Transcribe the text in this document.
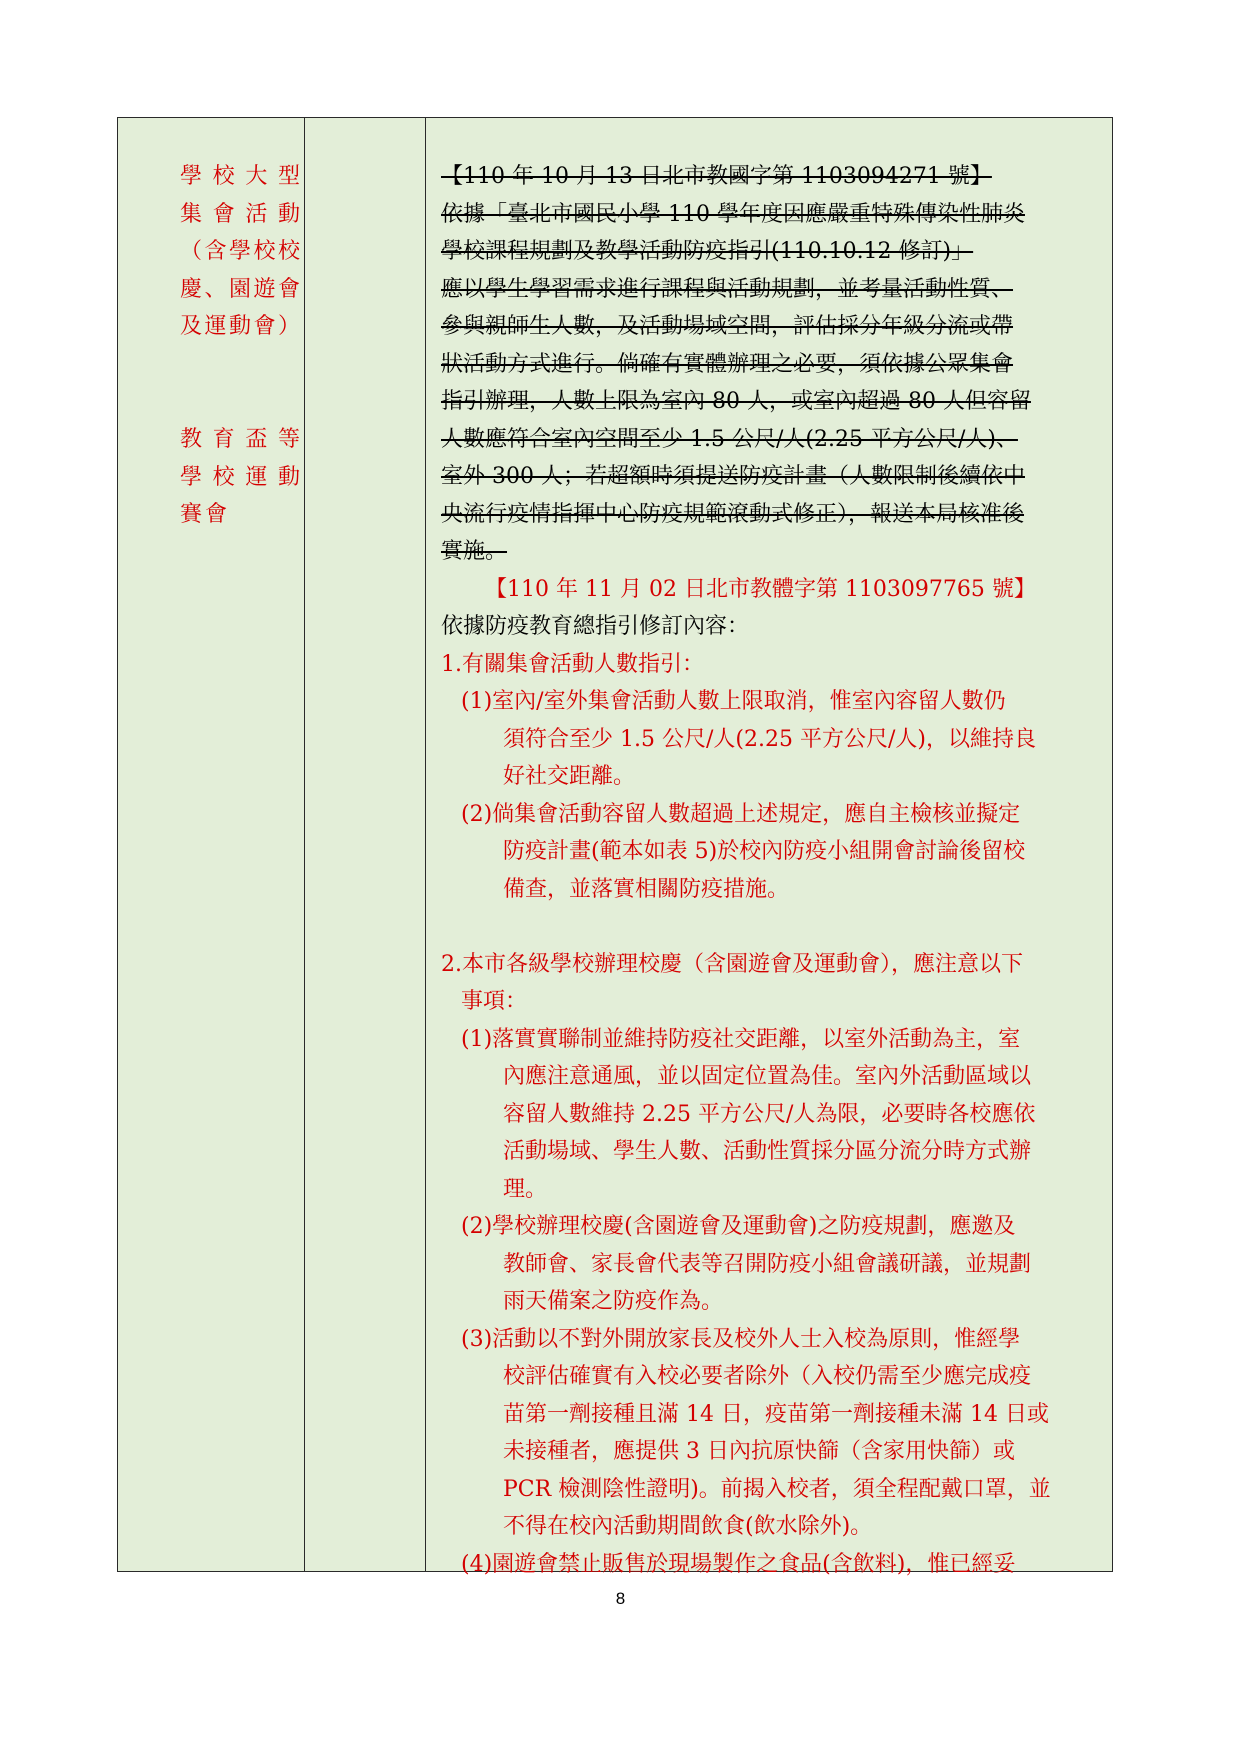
學校大型
集會活動
（含學校校
慶、園遊會
及運動會）
教育盃等
學校運動
賽會
【110 年 10 月 13 日北市教國字第 1103094271 號】
依據「臺北市國民小學 110 學年度因應嚴重特殊傳染性肺炎
學校課程規劃及教學活動防疫指引(110.10.12 修訂)」
應以學生學習需求進行課程與活動規劃，並考量活動性質、
參與親師生人數，及活動場域空間，評估採分年級分流或帶
狀活動方式進行。倘確有實體辦理之必要，須依據公眾集會
指引辦理，人數上限為室內 80 人，或室內超過 80 人但容留
人數應符合室內空間至少 1.5 公尺/人(2.25 平方公尺/人)、
室外 300 人；若超額時須提送防疫計畫（人數限制後續依中
央流行疫情指揮中心防疫規範滾動式修正），報送本局核准後
實施。
【110 年 11 月 02 日北市教體字第 1103097765 號】
依據防疫教育總指引修訂內容：
1.有關集會活動人數指引：
(1)室內/室外集會活動人數上限取消，惟室內容留人數仍
須符合至少 1.5 公尺/人(2.25 平方公尺/人)，以維持良
好社交距離。
(2)倘集會活動容留人數超過上述規定，應自主檢核並擬定
防疫計畫(範本如表 5)於校內防疫小組開會討論後留校
備查，並落實相關防疫措施。
2.本市各級學校辦理校慶（含園遊會及運動會），應注意以下
事項：
(1)落實實聯制並維持防疫社交距離，以室外活動為主，室
內應注意通風，並以固定位置為佳。室內外活動區域以
容留人數維持 2.25 平方公尺/人為限，必要時各校應依
活動場域、學生人數、活動性質採分區分流分時方式辦
理。
(2)學校辦理校慶(含園遊會及運動會)之防疫規劃，應邀及
教師會、家長會代表等召開防疫小組會議研議，並規劃
雨天備案之防疫作為。
(3)活動以不對外開放家長及校外人士入校為原則，惟經學
校評估確實有入校必要者除外（入校仍需至少應完成疫
苗第一劑接種且滿 14 日，疫苗第一劑接種未滿 14 日或
未接種者，應提供 3 日內抗原快篩（含家用快篩）或
PCR 檢測陰性證明)。前揭入校者，須全程配戴口罩，並
不得在校內活動期間飲食(飲水除外)。
(4)園遊會禁止販售於現場製作之食品(含飲料)，惟已經妥
8
